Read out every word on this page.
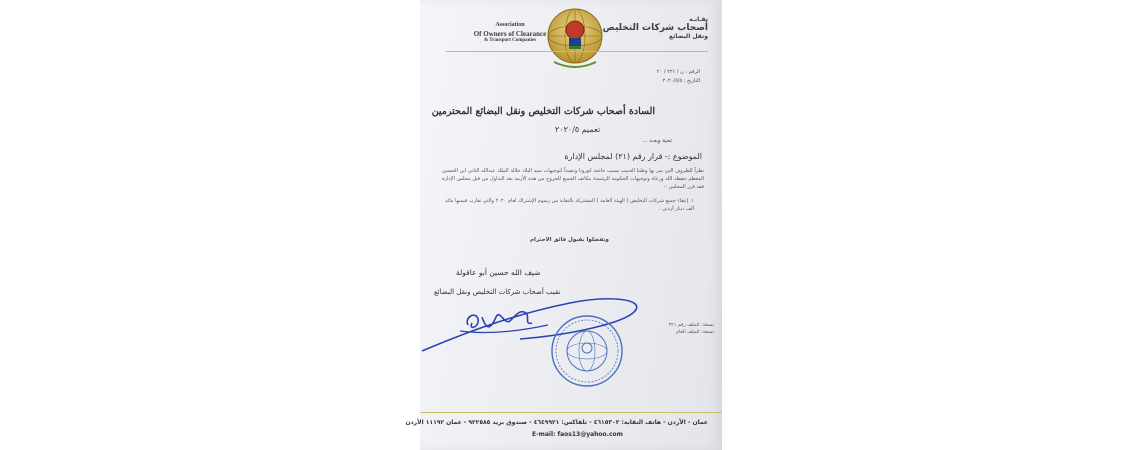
Association
Of Owners of Clearance
& Transport Companies
نقـابـة
أصحاب شركات التخليص
ونقل البضائع
الرقم : ن / ٢٢١ / ٢٠
التاريخ : ٢٠٢٠/٥/٥
السادة أصحاب شركات التخليص ونقل البضائع المحترمين
تعميم ٢٠٢٠/٥
تحية وبعـد ...
الموضوع :- قرار رقم (٢١) لمجلس الإدارة
نظراً للظروف التي يمر بها وطننا الحبيب بسبب جائحة كورونا وتنفيذاً لتوجيهات سيد البلاد جلالة الملك عبدالله الثاني ابن الحسين المعظم حفظه الله ورعاه وتوجيهات الحكومة الرشيدة بتكاتف الجميع للخروج من هذه الأزمة بعد التداول من قبل مجلس الإدارة فقد قرر المجلس :-
١. إعفاء جميع شركات التخليص ( الهيئة العامة ) المشتركة بالنقابة من رسوم الإشتراك لعام ٢٠٢٠ والتي تقارب قيمتها مائة ألف دينار أردني .
وتفضلوا بقبول فائق الاحترام
ضيف الله حسين أبو عاقولة
نقيب أصحاب شركات التخليص ونقل البضائع
نسخة: للملف رقم ٢٢١
نسخة: للملف العام
عمان - الأردن - هاتف النقابة: ٤٦١٥٣٠٢ - تلفاكس: ٤٦٤٩٩٢١ - صندوق بريد ٩٢٢٥٨٥ - عمان ١١١٩٢ الأردن
E-mail: faos13@yahoo.com
